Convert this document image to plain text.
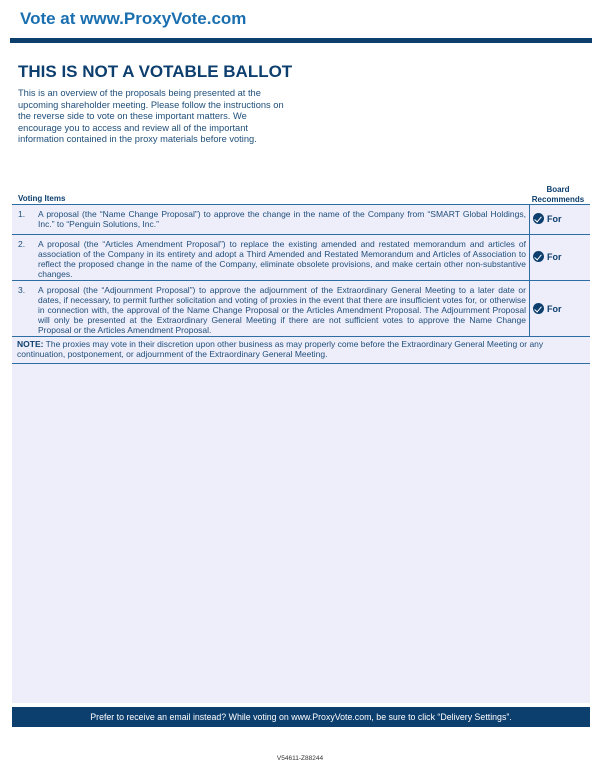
Vote at www.ProxyVote.com
THIS IS NOT A VOTABLE BALLOT
This is an overview of the proposals being presented at the upcoming shareholder meeting. Please follow the instructions on the reverse side to vote on these important matters. We encourage you to access and review all of the important information contained in the proxy materials before voting.
Voting Items
Board Recommends
1. A proposal (the “Name Change Proposal”) to approve the change in the name of the Company from “SMART Global Holdings, Inc.” to “Penguin Solutions, Inc.”
For
2. A proposal (the “Articles Amendment Proposal”) to replace the existing amended and restated memorandum and articles of association of the Company in its entirety and adopt a Third Amended and Restated Memorandum and Articles of Association to reflect the proposed change in the name of the Company, eliminate obsolete provisions, and make certain other non-substantive changes.
For
3. A proposal (the “Adjournment Proposal”) to approve the adjournment of the Extraordinary General Meeting to a later date or dates, if necessary, to permit further solicitation and voting of proxies in the event that there are insufficient votes for, or otherwise in connection with, the approval of the Name Change Proposal or the Articles Amendment Proposal. The Adjournment Proposal will only be presented at the Extraordinary General Meeting if there are not sufficient votes to approve the Name Change Proposal or the Articles Amendment Proposal.
For
NOTE: The proxies may vote in their discretion upon other business as may properly come before the Extraordinary General Meeting or any continuation, postponement, or adjournment of the Extraordinary General Meeting.
Prefer to receive an email instead? While voting on www.ProxyVote.com, be sure to click “Delivery Settings”.
V54611-Z88244
